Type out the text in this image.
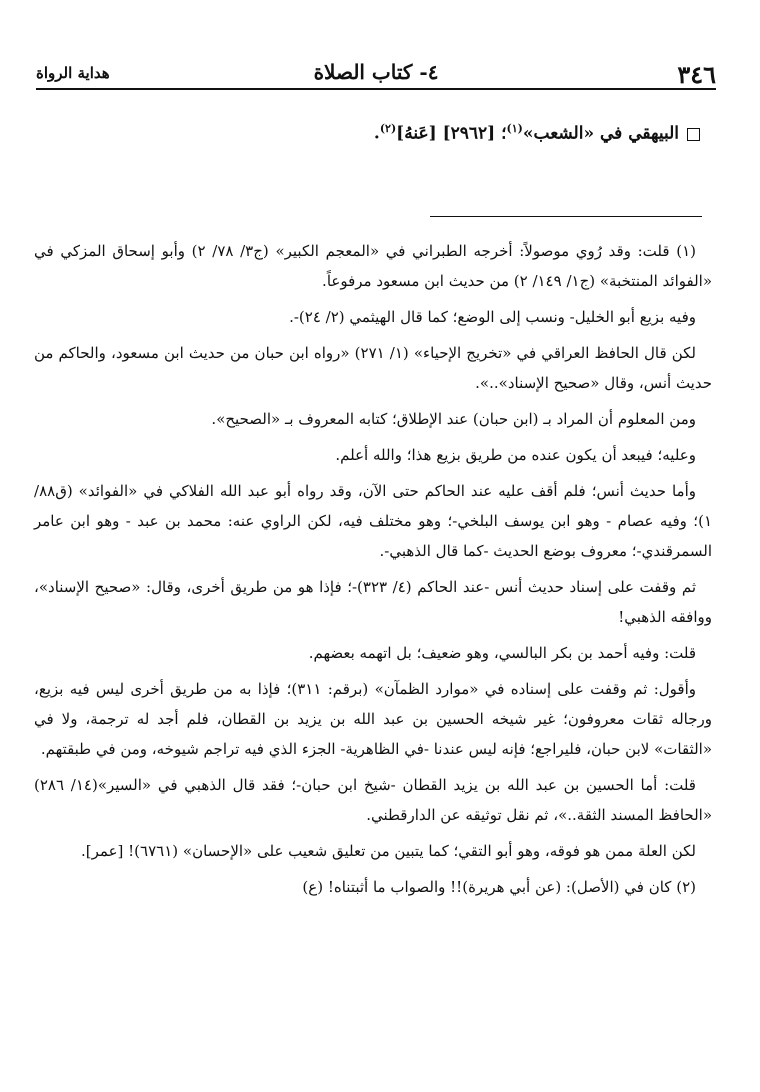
٣٤٦
٤- كتاب الصلاة
هداية الرواة
البيهقي في «الشعب»$^{(١)}$؛ [٢٩٦٢] [عَنهُ]$^{(٢)}$.

(١) قلت: وقد رُوي موصولاً: أخرجه الطبراني في «المعجم الكبير» (ج٣/ ٧٨/ ٢) وأبو إسحاق المزكي في «الفوائد المنتخبة» (ج١/ ١٤٩/ ٢) من حديث ابن مسعود مرفوعاً.

وفيه بزيع أبو الخليل- ونسب إلى الوضع؛ كما قال الهيثمي (٢/ ٢٤)-.

لكن قال الحافظ العراقي في «تخريج الإحياء» (١/ ٢٧١) «رواه ابن حبان من حديث ابن مسعود، والحاكم من حديث أنس، وقال «صحيح الإسناد»..».

ومن المعلوم أن المراد بـ (ابن حبان) عند الإطلاق؛ كتابه المعروف بـ «الصحيح».

وعليه؛ فيبعد أن يكون عنده من طريق بزيع هذا؛ والله أعلم.

وأما حديث أنس؛ فلم أقف عليه عند الحاكم حتى الآن، وقد رواه أبو عبد الله الفلاكي في «الفوائد» (ق٨٨/ ١)؛ وفيه عصام - وهو ابن يوسف البلخي-؛ وهو مختلف فيه، لكن الراوي عنه: محمد بن عبد - وهو ابن عامر السمرقندي-؛ معروف بوضع الحديث -كما قال الذهبي-.

ثم وقفت على إسناد حديث أنس -عند الحاكم (٤/ ٣٢٣)-؛ فإذا هو من طريق أخرى، وقال: «صحيح الإسناد»، ووافقه الذهبي!

قلت: وفيه أحمد بن بكر البالسي، وهو ضعيف؛ بل اتهمه بعضهم.

وأقول: ثم وقفت على إسناده في «موارد الظمآن» (برقم: ٣١١)؛ فإذا به من طريق أخرى ليس فيه بزيع، ورجاله ثقات معروفون؛ غير شيخه الحسين بن عبد الله بن يزيد بن القطان، فلم أجد له ترجمة، ولا في «الثقات» لابن حبان، فليراجع؛ فإنه ليس عندنا -في الظاهرية- الجزء الذي فيه تراجم شيوخه، ومن في طبقتهم.

قلت: أما الحسين بن عبد الله بن يزيد القطان -شيخ ابن حبان-؛ فقد قال الذهبي في «السير»(١٤/ ٢٨٦) «الحافظ المسند الثقة..»، ثم نقل توثيقه عن الدارقطني.

لكن العلة ممن هو فوقه، وهو أبو التقي؛ كما يتبين من تعليق شعيب على «الإحسان» (٦٧٦١)! [عمر].

(٢) كان في (الأصل): (عن أبي هريرة)!! والصواب ما أثبتناه! (ع)
